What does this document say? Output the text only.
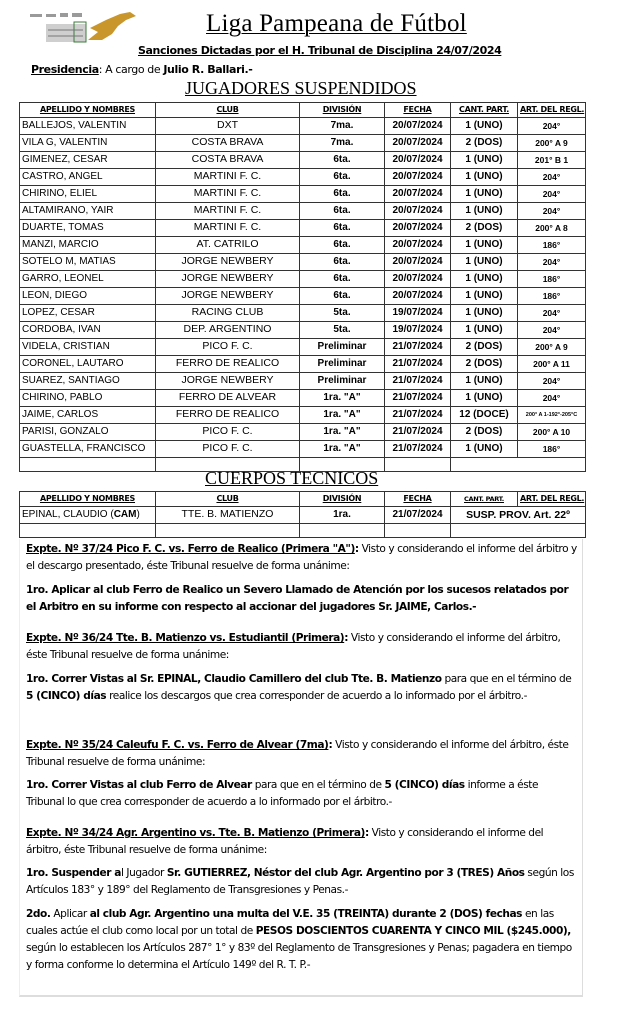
Liga Pampeana de Fútbol
Sanciones Dictadas por el H. Tribunal de Disciplina 24/07/2024
Presidencia: A cargo de Julio R. Ballari.-
JUGADORES SUSPENDIDOS
APELLIDO Y NOMBRES	CLUB	DIVISIÓN	FECHA	CANT. PART.	ART. DEL REGL.
BALLEJOS, VALENTIN	DXT	7ma.	20/07/2024	1 (UNO)	204°
VILA G, VALENTIN	COSTA BRAVA	7ma.	20/07/2024	2 (DOS)	200° A 9
GIMENEZ, CESAR	COSTA BRAVA	6ta.	20/07/2024	1 (UNO)	201° B 1
CASTRO, ANGEL	MARTINI F. C.	6ta.	20/07/2024	1 (UNO)	204°
CHIRINO, ELIEL	MARTINI F. C.	6ta.	20/07/2024	1 (UNO)	204°
ALTAMIRANO, YAIR	MARTINI F. C.	6ta.	20/07/2024	1 (UNO)	204°
DUARTE, TOMAS	MARTINI F. C.	6ta.	20/07/2024	2 (DOS)	200° A 8
MANZI, MARCIO	AT. CATRILO	6ta.	20/07/2024	1 (UNO)	186°
SOTELO M, MATIAS	JORGE NEWBERY	6ta.	20/07/2024	1 (UNO)	204°
GARRO, LEONEL	JORGE NEWBERY	6ta.	20/07/2024	1 (UNO)	186°
LEON, DIEGO	JORGE NEWBERY	6ta.	20/07/2024	1 (UNO)	186°
LOPEZ, CESAR	RACING CLUB	5ta.	19/07/2024	1 (UNO)	204°
CORDOBA, IVAN	DEP. ARGENTINO	5ta.	19/07/2024	1 (UNO)	204°
VIDELA, CRISTIAN	PICO F. C.	Preliminar	21/07/2024	2 (DOS)	200° A 9
CORONEL, LAUTARO	FERRO DE REALICO	Preliminar	21/07/2024	2 (DOS)	200° A 11
SUAREZ, SANTIAGO	JORGE NEWBERY	Preliminar	21/07/2024	1 (UNO)	204°
CHIRINO, PABLO	FERRO DE ALVEAR	1ra. "A"	21/07/2024	1 (UNO)	204°
JAIME, CARLOS	FERRO DE REALICO	1ra. "A"	21/07/2024	12 (DOCE)	200° A 1-192°-205°C
PARISI, GONZALO	PICO F. C.	1ra. "A"	21/07/2024	2 (DOS)	200° A 10
GUASTELLA, FRANCISCO	PICO F. C.	1ra. "A"	21/07/2024	1 (UNO)	186°

CUERPOS TECNICOS
APELLIDO Y NOMBRES	CLUB	DIVISIÓN	FECHA	CANT. PART.	ART. DEL REGL.
EPINAL, CLAUDIO (CAM)	TTE. B. MATIENZO	1ra.	21/07/2024	SUSP. PROV. Art. 22º	

Expte. Nº 37/24 Pico F. C. vs. Ferro de Realico (Primera "A"): Visto y considerando el informe del árbitro y el descargo presentado, éste Tribunal resuelve de forma unánime:
1ro. Aplicar al club Ferro de Realico un Severo Llamado de Atención por los sucesos relatados por el Arbitro en su informe con respecto al accionar del jugadores Sr. JAIME, Carlos.-
Expte. Nº 36/24 Tte. B. Matienzo vs. Estudiantil (Primera): Visto y considerando el informe del árbitro, éste Tribunal resuelve de forma unánime:
1ro. Correr Vistas al Sr. EPINAL, Claudio Camillero del club Tte. B. Matienzo para que en el término de 5 (CINCO) días realice los descargos que crea corresponder de acuerdo a lo informado por el árbitro.-
Expte. Nº 35/24 Caleufu F. C. vs. Ferro de Alvear (7ma): Visto y considerando el informe del árbitro, éste Tribunal resuelve de forma unánime:
1ro. Correr Vistas al club Ferro de Alvear para que en el término de 5 (CINCO) días informe a éste Tribunal lo que crea corresponder de acuerdo a lo informado por el árbitro.-
Expte. Nº 34/24 Agr. Argentino vs. Tte. B. Matienzo (Primera): Visto y considerando el informe del árbitro, éste Tribunal resuelve de forma unánime:
1ro. Suspender al Jugador Sr. GUTIERREZ, Néstor del club Agr. Argentino por 3 (TRES) Años según los Artículos 183° y 189° del Reglamento de Transgresiones y Penas.-
2do. Aplicar al club Agr. Argentino una multa del V.E. 35 (TREINTA) durante 2 (DOS) fechas en las cuales actúe el club como local por un total de PESOS DOSCIENTOS CUARENTA Y CINCO MIL ($245.000), según lo establecen los Artículos 287° 1° y 83º del Reglamento de Transgresiones y Penas; pagadera en tiempo y forma conforme lo determina el Artículo 149º del R. T. P.-
